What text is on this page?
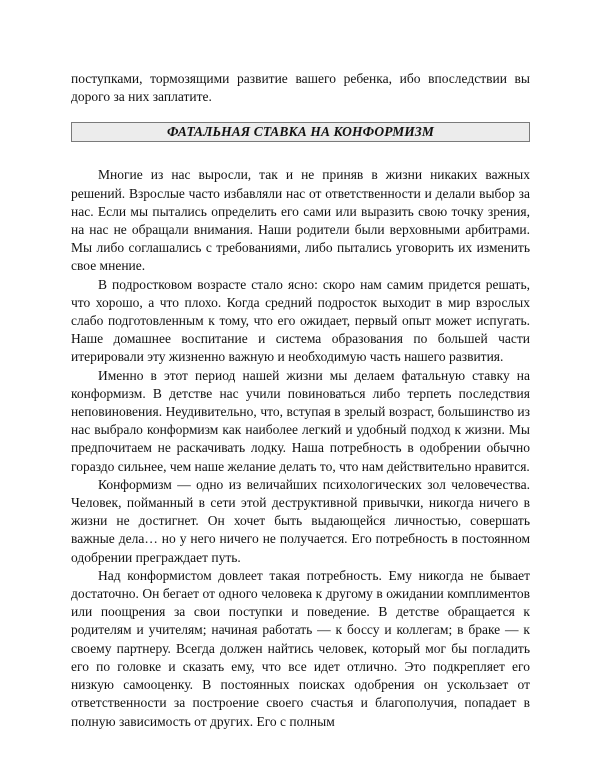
поступками, тормозящими развитие вашего ребенка, ибо впоследствии вы дорого за них заплатите.

ФАТАЛЬНАЯ СТАВКА НА КОНФОРМИЗМ

Многие из нас выросли, так и не приняв в жизни никаких важных решений. Взрослые часто избавляли нас от ответственности и делали выбор за нас. Если мы пытались определить его сами или выразить свою точку зрения, на нас не обращали внимания. Наши родители были верховными арбитрами. Мы либо соглашались с требованиями, либо пытались уговорить их изменить свое мнение.

В подростковом возрасте стало ясно: скоро нам самим придется решать, что хорошо, а что плохо. Когда средний подросток выходит в мир взрослых слабо подготовленным к тому, что его ожидает, первый опыт может испугать. Наше домашнее воспитание и система образования по большей части итерировали эту жизненно важную и необходимую часть нашего развития.

Именно в этот период нашей жизни мы делаем фатальную ставку на конформизм. В детстве нас учили повиноваться либо терпеть последствия неповиновения. Неудивительно, что, вступая в зрелый возраст, большинство из нас выбрало конформизм как наиболее легкий и удобный подход к жизни. Мы предпочитаем не раскачивать лодку. Наша потребность в одобрении обычно гораздо сильнее, чем наше желание делать то, что нам действительно нравится.

Конформизм — одно из величайших психологических зол человечества. Человек, пойманный в сети этой деструктивной привычки, никогда ничего в жизни не достигнет. Он хочет быть выдающейся личностью, совершать важные дела… но у него ничего не получается. Его потребность в постоянном одобрении преграждает путь.

Над конформистом довлеет такая потребность. Ему никогда не бывает достаточно. Он бегает от одного человека к другому в ожидании комплиментов или поощрения за свои поступки и поведение. В детстве обращается к родителям и учителям; начиная работать — к боссу и коллегам; в браке — к своему партнеру. Всегда должен найтись человек, который мог бы погладить его по головке и сказать ему, что все идет отлично. Это подкрепляет его низкую самооценку. В постоянных поисках одобрения он ускользает от ответственности за построение своего счастья и благополучия, попадает в полную зависимость от других. Его с полным
